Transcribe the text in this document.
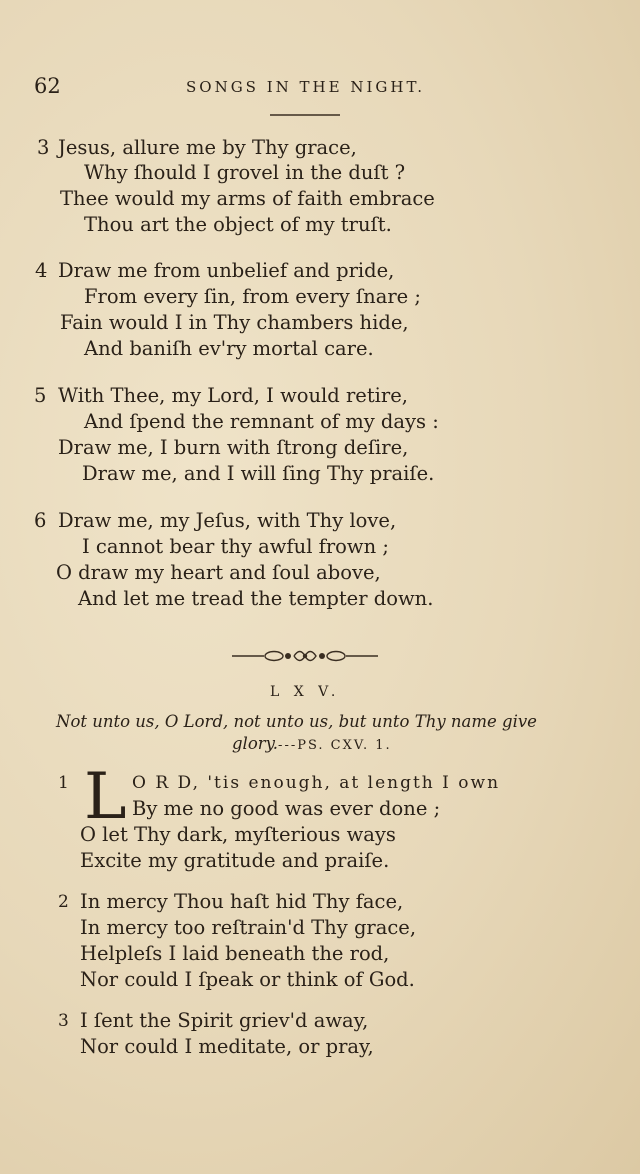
62	SONGS IN THE NIGHT.
3 Jesus, allure me by Thy grace,
Why ſhould I grovel in the duſt ?
Thee would my arms of faith embrace
Thou art the object of my truſt.
4 Draw me from unbelief and pride,
From every ſin, from every ſnare ;
Fain would I in Thy chambers hide,
And baniſh ev'ry mortal care.
5 With Thee, my Lord, I would retire,
And ſpend the remnant of my days :
Draw me, I burn with ſtrong deſire,
Draw me, and I will ſing Thy praiſe.
6 Draw me, my Jeſus, with Thy love,
I cannot bear thy awful frown ;
O draw my heart and ſoul above,
And let me tread the tempter down.
L X V.
Not unto us, O Lord, not unto us, but unto Thy name give
glory.---PS. CXV. 1.
1 L O R D, 'tis enough, at length I own
By me no good was ever done ;
O let Thy dark, myſterious ways
Excite my gratitude and praiſe.
2 In mercy Thou haſt hid Thy face,
In mercy too reſtrain'd Thy grace,
Helpleſs I laid beneath the rod,
Nor could I ſpeak or think of God.
3 I ſent the Spirit griev'd away,
Nor could I meditate, or pray,
